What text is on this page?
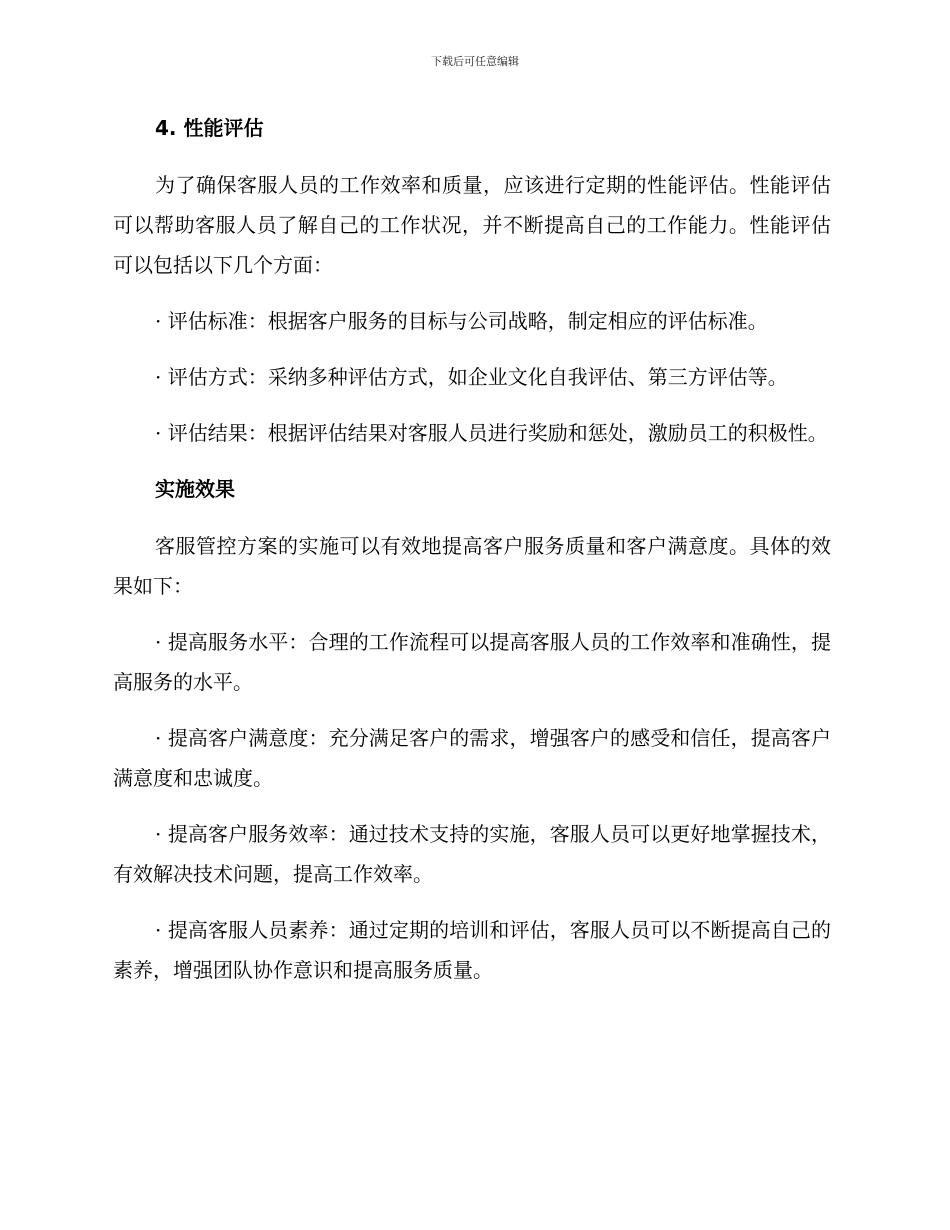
下载后可任意编辑
4. 性能评估

为了确保客服人员的工作效率和质量，应该进行定期的性能评估。性能评估可以帮助客服人员了解自己的工作状况，并不断提高自己的工作能力。性能评估可以包括以下几个方面：

· 评估标准：根据客户服务的目标与公司战略，制定相应的评估标准。

· 评估方式：采纳多种评估方式，如企业文化自我评估、第三方评估等。

· 评估结果：根据评估结果对客服人员进行奖励和惩处，激励员工的积极性。

实施效果

客服管控方案的实施可以有效地提高客户服务质量和客户满意度。具体的效果如下：

· 提高服务水平：合理的工作流程可以提高客服人员的工作效率和准确性，提高服务的水平。

· 提高客户满意度：充分满足客户的需求，增强客户的感受和信任，提高客户满意度和忠诚度。

· 提高客户服务效率：通过技术支持的实施，客服人员可以更好地掌握技术，有效解决技术问题，提高工作效率。

· 提高客服人员素养：通过定期的培训和评估，客服人员可以不断提高自己的素养，增强团队协作意识和提高服务质量。
